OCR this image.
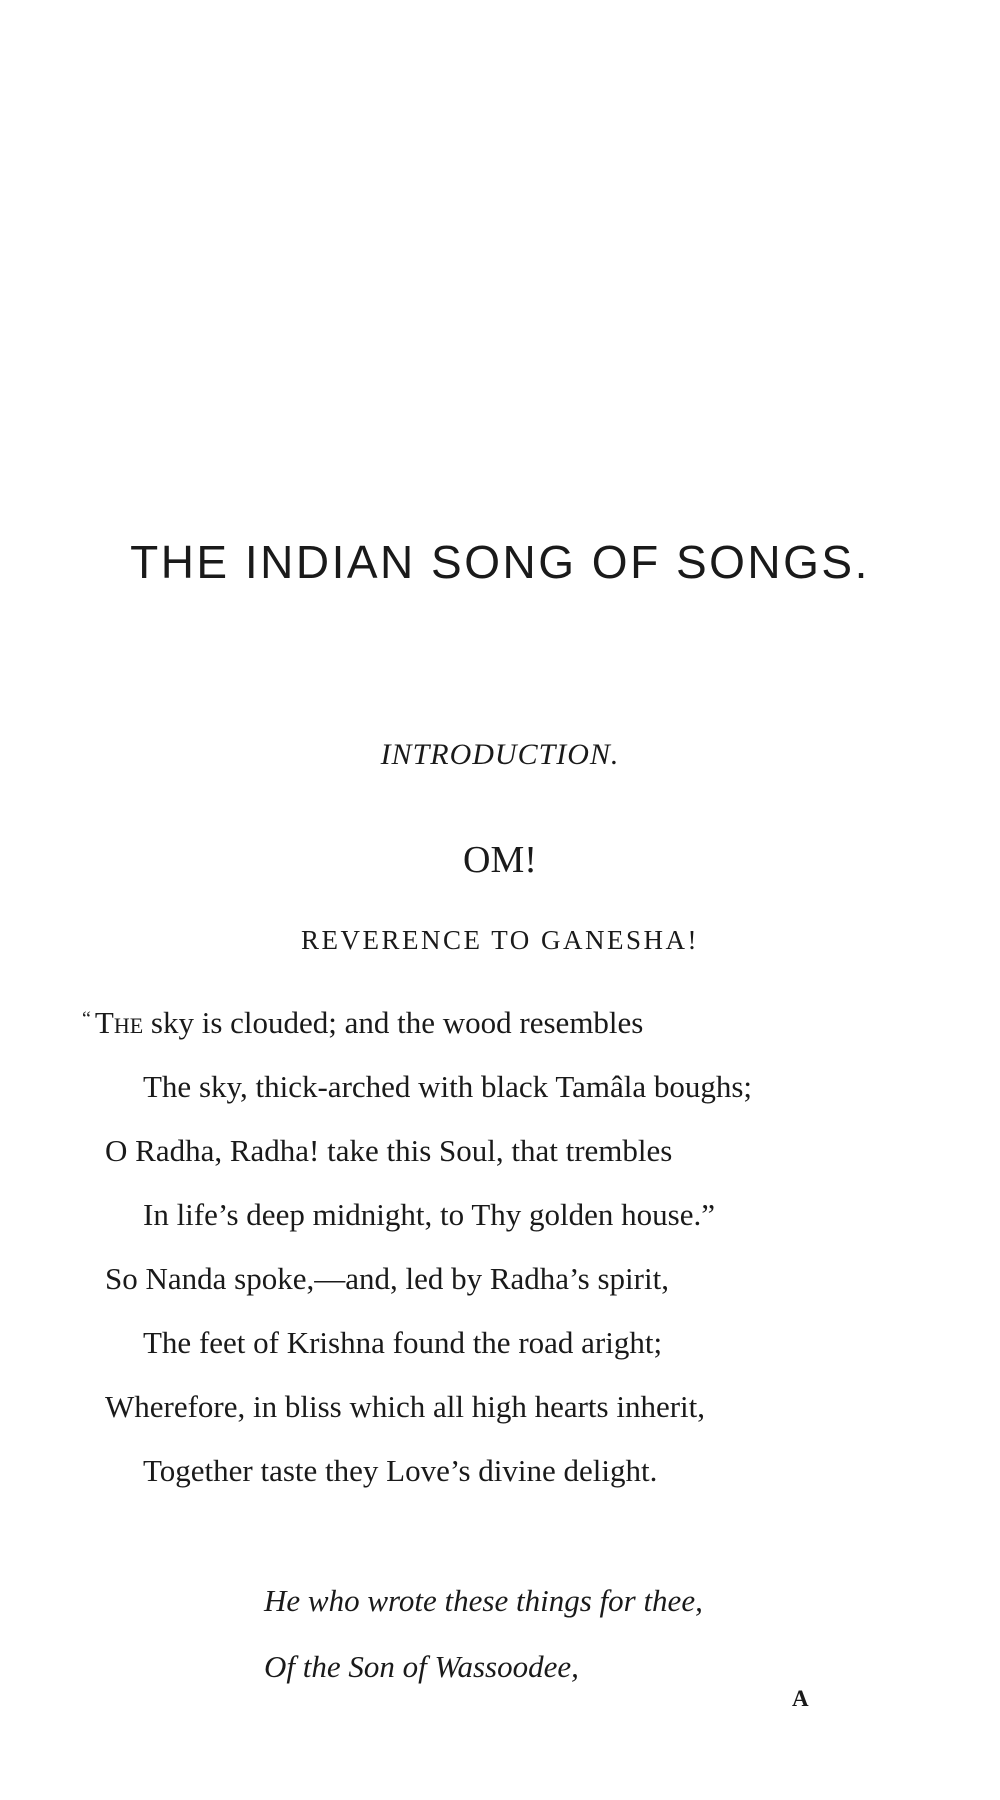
THE INDIAN SONG OF SONGS.
INTRODUCTION.
OM!
REVERENCE TO GANESHA!

“ The sky is clouded; and the wood resembles

The sky, thick-arched with black Tamâla boughs;

O Radha, Radha! take this Soul, that trembles

In life’s deep midnight, to Thy golden house.”

So Nanda spoke,—and, led by Radha’s spirit,

The feet of Krishna found the road aright;

Wherefore, in bliss which all high hearts inherit,

Together taste they Love’s divine delight.

He who wrote these things for thee,

Of the Son of Wassoodee,

A
